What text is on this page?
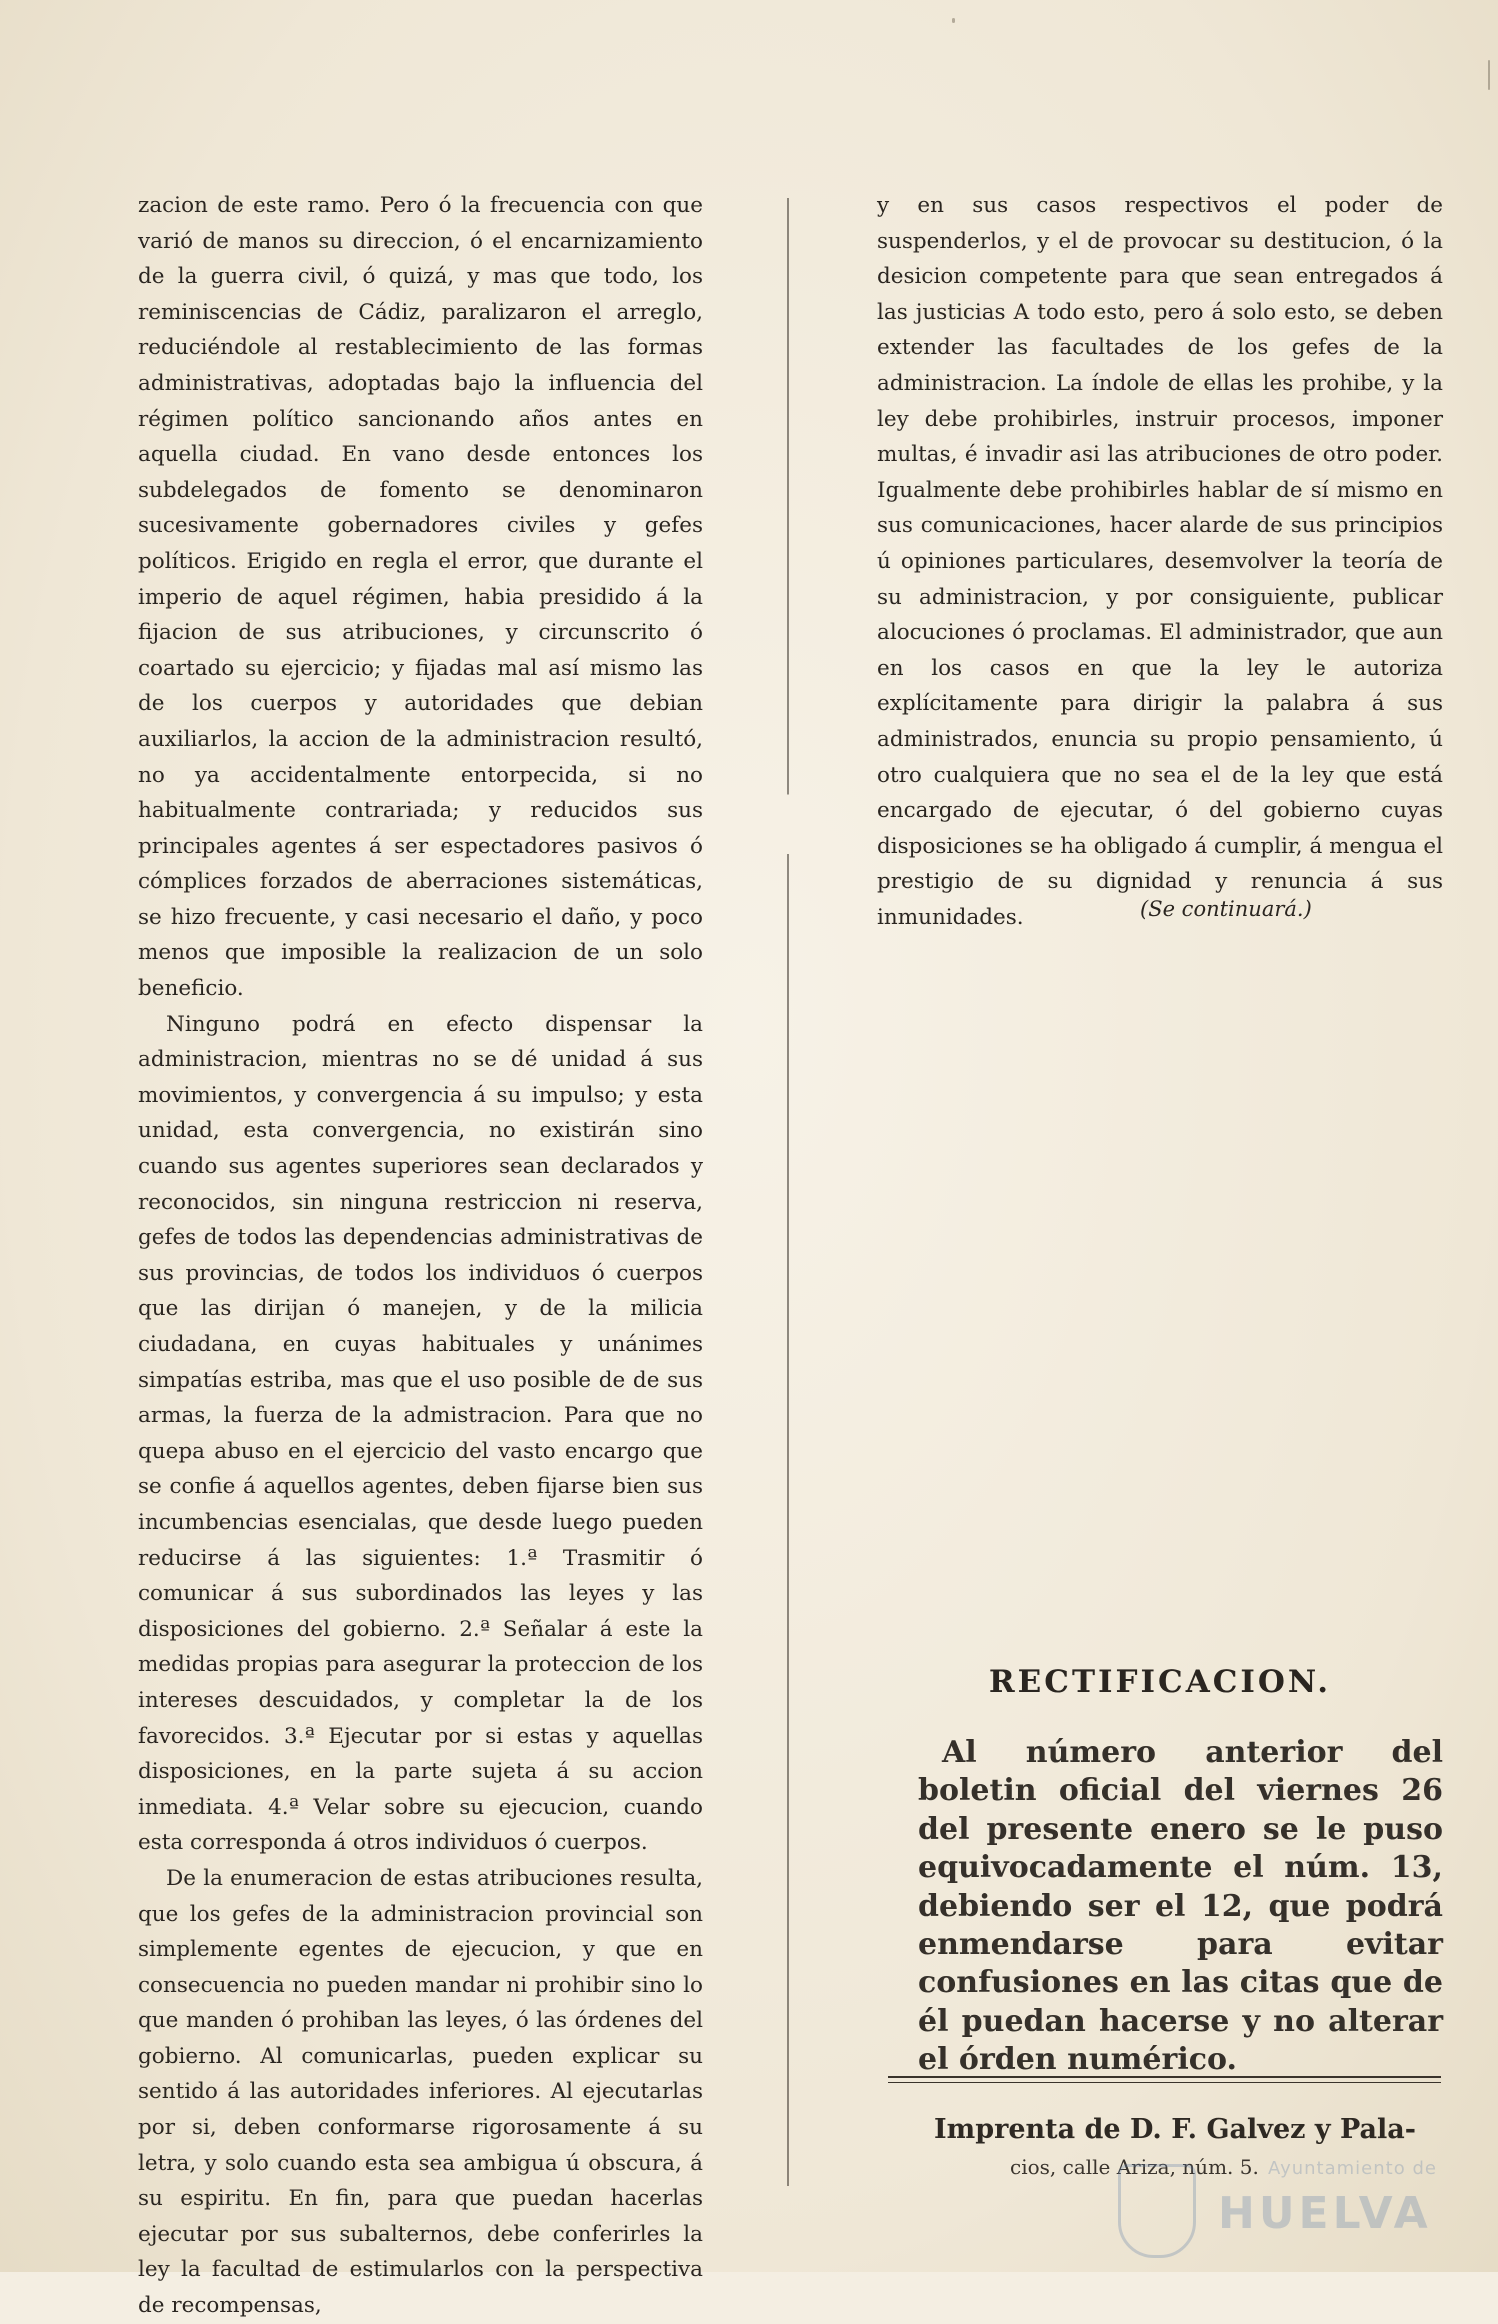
zacion de este ramo. Pero ó la frecuencia con que varió de manos su direccion, ó el encarnizamiento de la guerra civil, ó quizá, y mas que todo, los reminiscencias de Cádiz, paralizaron el arreglo, reduciéndole al restablecimiento de las formas administrativas, adoptadas bajo la influencia del régimen político sancionando años antes en aquella ciudad. En vano desde entonces los subdelegados de fomento se denominaron sucesivamente gobernadores civiles y gefes políticos. Erigido en regla el error, que durante el imperio de aquel régimen, habia presidido á la fijacion de sus atribuciones, y circunscrito ó coartado su ejercicio; y fijadas mal así mismo las de los cuerpos y autoridades que debian auxiliarlos, la accion de la administracion resultó, no ya accidentalmente entorpecida, si no habitualmente contrariada; y reducidos sus principales agentes á ser espectadores pasivos ó cómplices forzados de aberraciones sistemáticas, se hizo frecuente, y casi necesario el daño, y poco menos que imposible la realizacion de un solo beneficio.

Ninguno podrá en efecto dispensar la administracion, mientras no se dé unidad á sus movimientos, y convergencia á su impulso; y esta unidad, esta convergencia, no existirán sino cuando sus agentes superiores sean declarados y reconocidos, sin ninguna restriccion ni reserva, gefes de todos las dependencias administrativas de sus provincias, de todos los individuos ó cuerpos que las dirijan ó manejen, y de la milicia ciudadana, en cuyas habituales y unánimes simpatías estriba, mas que el uso posible de de sus armas, la fuerza de la admistracion. Para que no quepa abuso en el ejercicio del vasto encargo que se confie á aquellos agentes, deben fijarse bien sus incumbencias esencialas, que desde luego pueden reducirse á las siguientes: 1.ª Trasmitir ó comunicar á sus subordinados las leyes y las disposiciones del gobierno. 2.ª Señalar á este la medidas propias para asegurar la proteccion de los intereses descuidados, y completar la de los favorecidos. 3.ª Ejecutar por si estas y aquellas disposiciones, en la parte sujeta á su accion inmediata. 4.ª Velar sobre su ejecucion, cuando esta corresponda á otros individuos ó cuerpos.

De la enumeracion de estas atribuciones resulta, que los gefes de la administracion provincial son simplemente egentes de ejecucion, y que en consecuencia no pueden mandar ni prohibir sino lo que manden ó prohiban las leyes, ó las órdenes del gobierno. Al comunicarlas, pueden explicar su sentido á las autoridades inferiores. Al ejecutarlas por si, deben conformarse rigorosamente á su letra, y solo cuando esta sea ambigua ú obscura, á su espiritu. En fin, para que puedan hacerlas ejecutar por sus subalternos, debe conferirles la ley la facultad de estimularlos con la perspectiva de recompensas,

y en sus casos respectivos el poder de suspenderlos, y el de provocar su destitucion, ó la desicion competente para que sean entregados á las justicias A todo esto, pero á solo esto, se deben extender las facultades de los gefes de la administracion. La índole de ellas les prohibe, y la ley debe prohibirles, instruir procesos, imponer multas, é invadir asi las atribuciones de otro poder. Igualmente debe prohibirles hablar de sí mismo en sus comunicaciones, hacer alarde de sus principios ú opiniones particulares, desemvolver la teoría de su administracion, y por consiguiente, publicar alocuciones ó proclamas. El administrador, que aun en los casos en que la ley le autoriza explícitamente para dirigir la palabra á sus administrados, enuncia su propio pensamiento, ú otro cualquiera que no sea el de la ley que está encargado de ejecutar, ó del gobierno cuyas disposiciones se ha obligado á cumplir, á mengua el prestigio de su dignidad y renuncia á sus inmunidades.	(Se continuará.)
RECTIFICACION.
Al número anterior del boletin oficial del viernes 26 del presente enero se le puso equivocadamente el núm. 13, debiendo ser el 12, que podrá enmendarse para evitar confusiones en las citas que de él puedan hacerse y no alterar el órden numérico.
Imprenta de D. F. Galvez y Pala-
cios, calle Ariza, núm. 5. Ayuntamiento de
HUELVA
